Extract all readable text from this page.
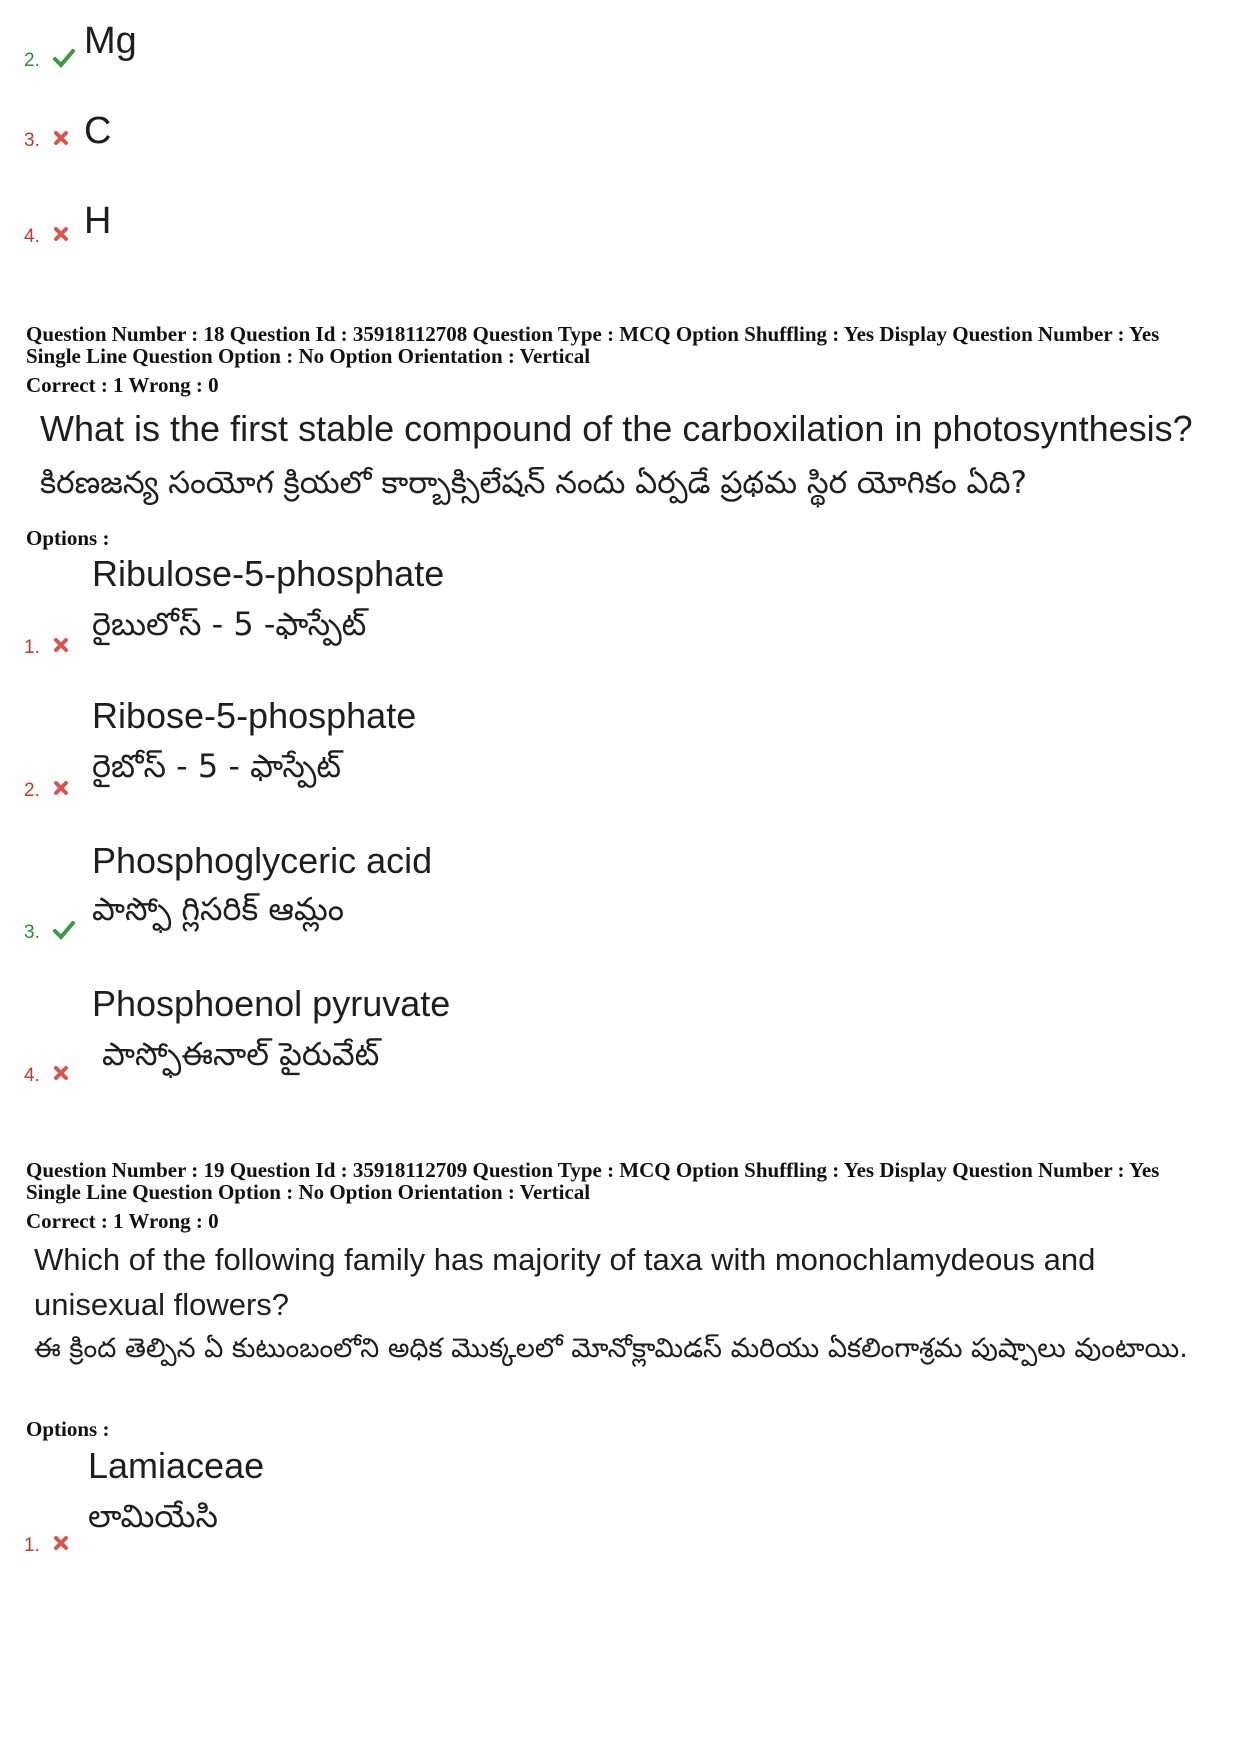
2. Mg
3. C
4. H
Question Number : 18 Question Id : 35918112708 Question Type : MCQ Option Shuffling : Yes Display Question Number : Yes
Single Line Question Option : No Option Orientation : Vertical
Correct : 1 Wrong : 0
What is the first stable compound of the carboxilation in photosynthesis?
కిరణజన్య సంయోగ క్రియలో కార్బాక్సిలేషన్ నందు ఏర్పడే ప్రథమ స్థిర యోగికం ఏది?
Options :
Ribulose-5-phosphate
రైబులోస్ - 5 -ఫాస్పేట్
1.
Ribose-5-phosphate
రైబోస్ - 5 - ఫాస్పేట్
2.
Phosphoglyceric acid
పాస్ఫో గ్లిసరిక్ ఆమ్లం
3.
Phosphoenol pyruvate
పాస్ఫోఈనాల్ పైరువేట్
4.
Question Number : 19 Question Id : 35918112709 Question Type : MCQ Option Shuffling : Yes Display Question Number : Yes
Single Line Question Option : No Option Orientation : Vertical
Correct : 1 Wrong : 0
Which of the following family has majority of taxa with monochlamydeous and unisexual flowers?
ఈ క్రింద తెల్పిన ఏ కుటుంబంలోని అధిక మొక్కలలో మోనోక్లామిడస్ మరియు ఏకలింగాశ్రమ పుష్పాలు వుంటాయి.
Options :
Lamiaceae
లామియేసి
1.
